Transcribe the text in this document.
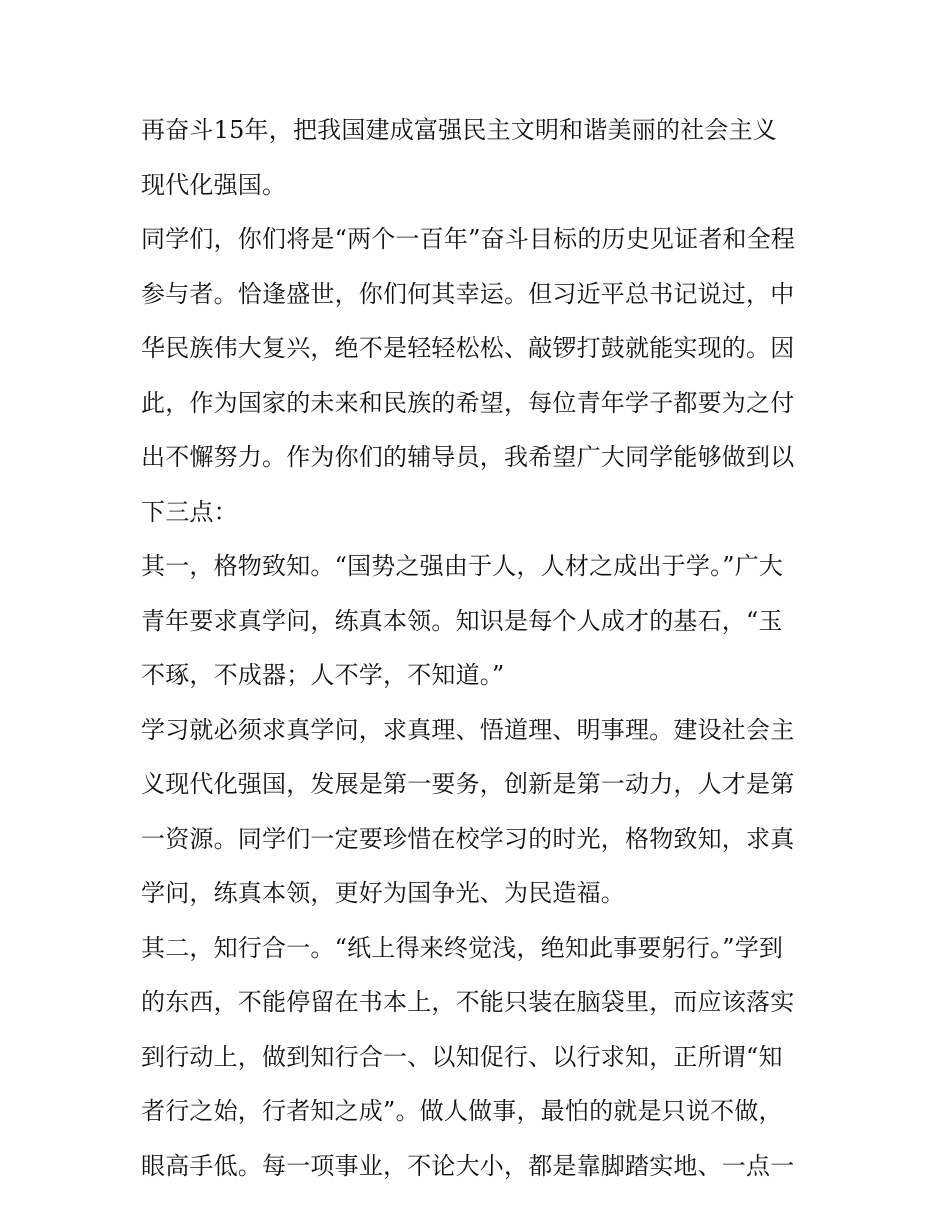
再奋斗15年，把我国建成富强民主文明和谐美丽的社会主义
现代化强国。
同学们，你们将是“两个一百年”奋斗目标的历史见证者和全程
参与者。恰逢盛世，你们何其幸运。但习近平总书记说过，中
华民族伟大复兴，绝不是轻轻松松、敲锣打鼓就能实现的。因
此，作为国家的未来和民族的希望，每位青年学子都要为之付
出不懈努力。作为你们的辅导员，我希望广大同学能够做到以
下三点：
其一，格物致知。“国势之强由于人，人材之成出于学。”广大
青年要求真学问，练真本领。知识是每个人成才的基石，“玉
不琢，不成器；人不学，不知道。”
学习就必须求真学问，求真理、悟道理、明事理。建设社会主
义现代化强国，发展是第一要务，创新是第一动力，人才是第
一资源。同学们一定要珍惜在校学习的时光，格物致知，求真
学问，练真本领，更好为国争光、为民造福。
其二，知行合一。“纸上得来终觉浅，绝知此事要躬行。”学到
的东西，不能停留在书本上，不能只装在脑袋里，而应该落实
到行动上，做到知行合一、以知促行、以行求知，正所谓“知
者行之始，行者知之成”。做人做事，最怕的就是只说不做，
眼高手低。每一项事业，不论大小，都是靠脚踏实地、一点一
